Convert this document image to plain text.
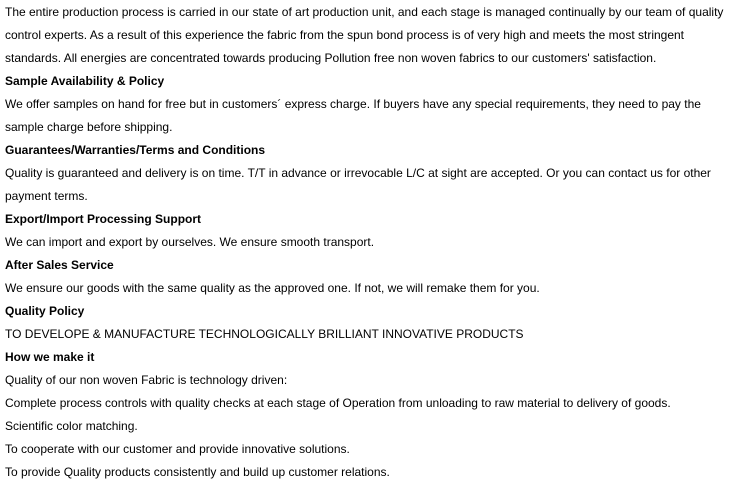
The entire production process is carried in our state of art production unit, and each stage is managed continually by our team of quality control experts. As a result of this experience the fabric from the spun bond process is of very high and meets the most stringent standards. All energies are concentrated towards producing Pollution free non woven fabrics to our customers' satisfaction.

Sample Availability & Policy

We offer samples on hand for free but in customers´ express charge. If buyers have any special requirements, they need to pay the sample charge before shipping.

Guarantees/Warranties/Terms and Conditions

Quality is guaranteed and delivery is on time. T/T in advance or irrevocable L/C at sight are accepted. Or you can contact us for other payment terms.

Export/Import Processing Support

We can import and export by ourselves. We ensure smooth transport.

After Sales Service

We ensure our goods with the same quality as the approved one. If not, we will remake them for you.

Quality Policy

TO DEVELOPE & MANUFACTURE TECHNOLOGICALLY BRILLIANT INNOVATIVE PRODUCTS

How we make it

Quality of our non woven Fabric is technology driven:

Complete process controls with quality checks at each stage of Operation from unloading to raw material to delivery of goods.

Scientific color matching.

To cooperate with our customer and provide innovative solutions.

To provide Quality products consistently and build up customer relations.
